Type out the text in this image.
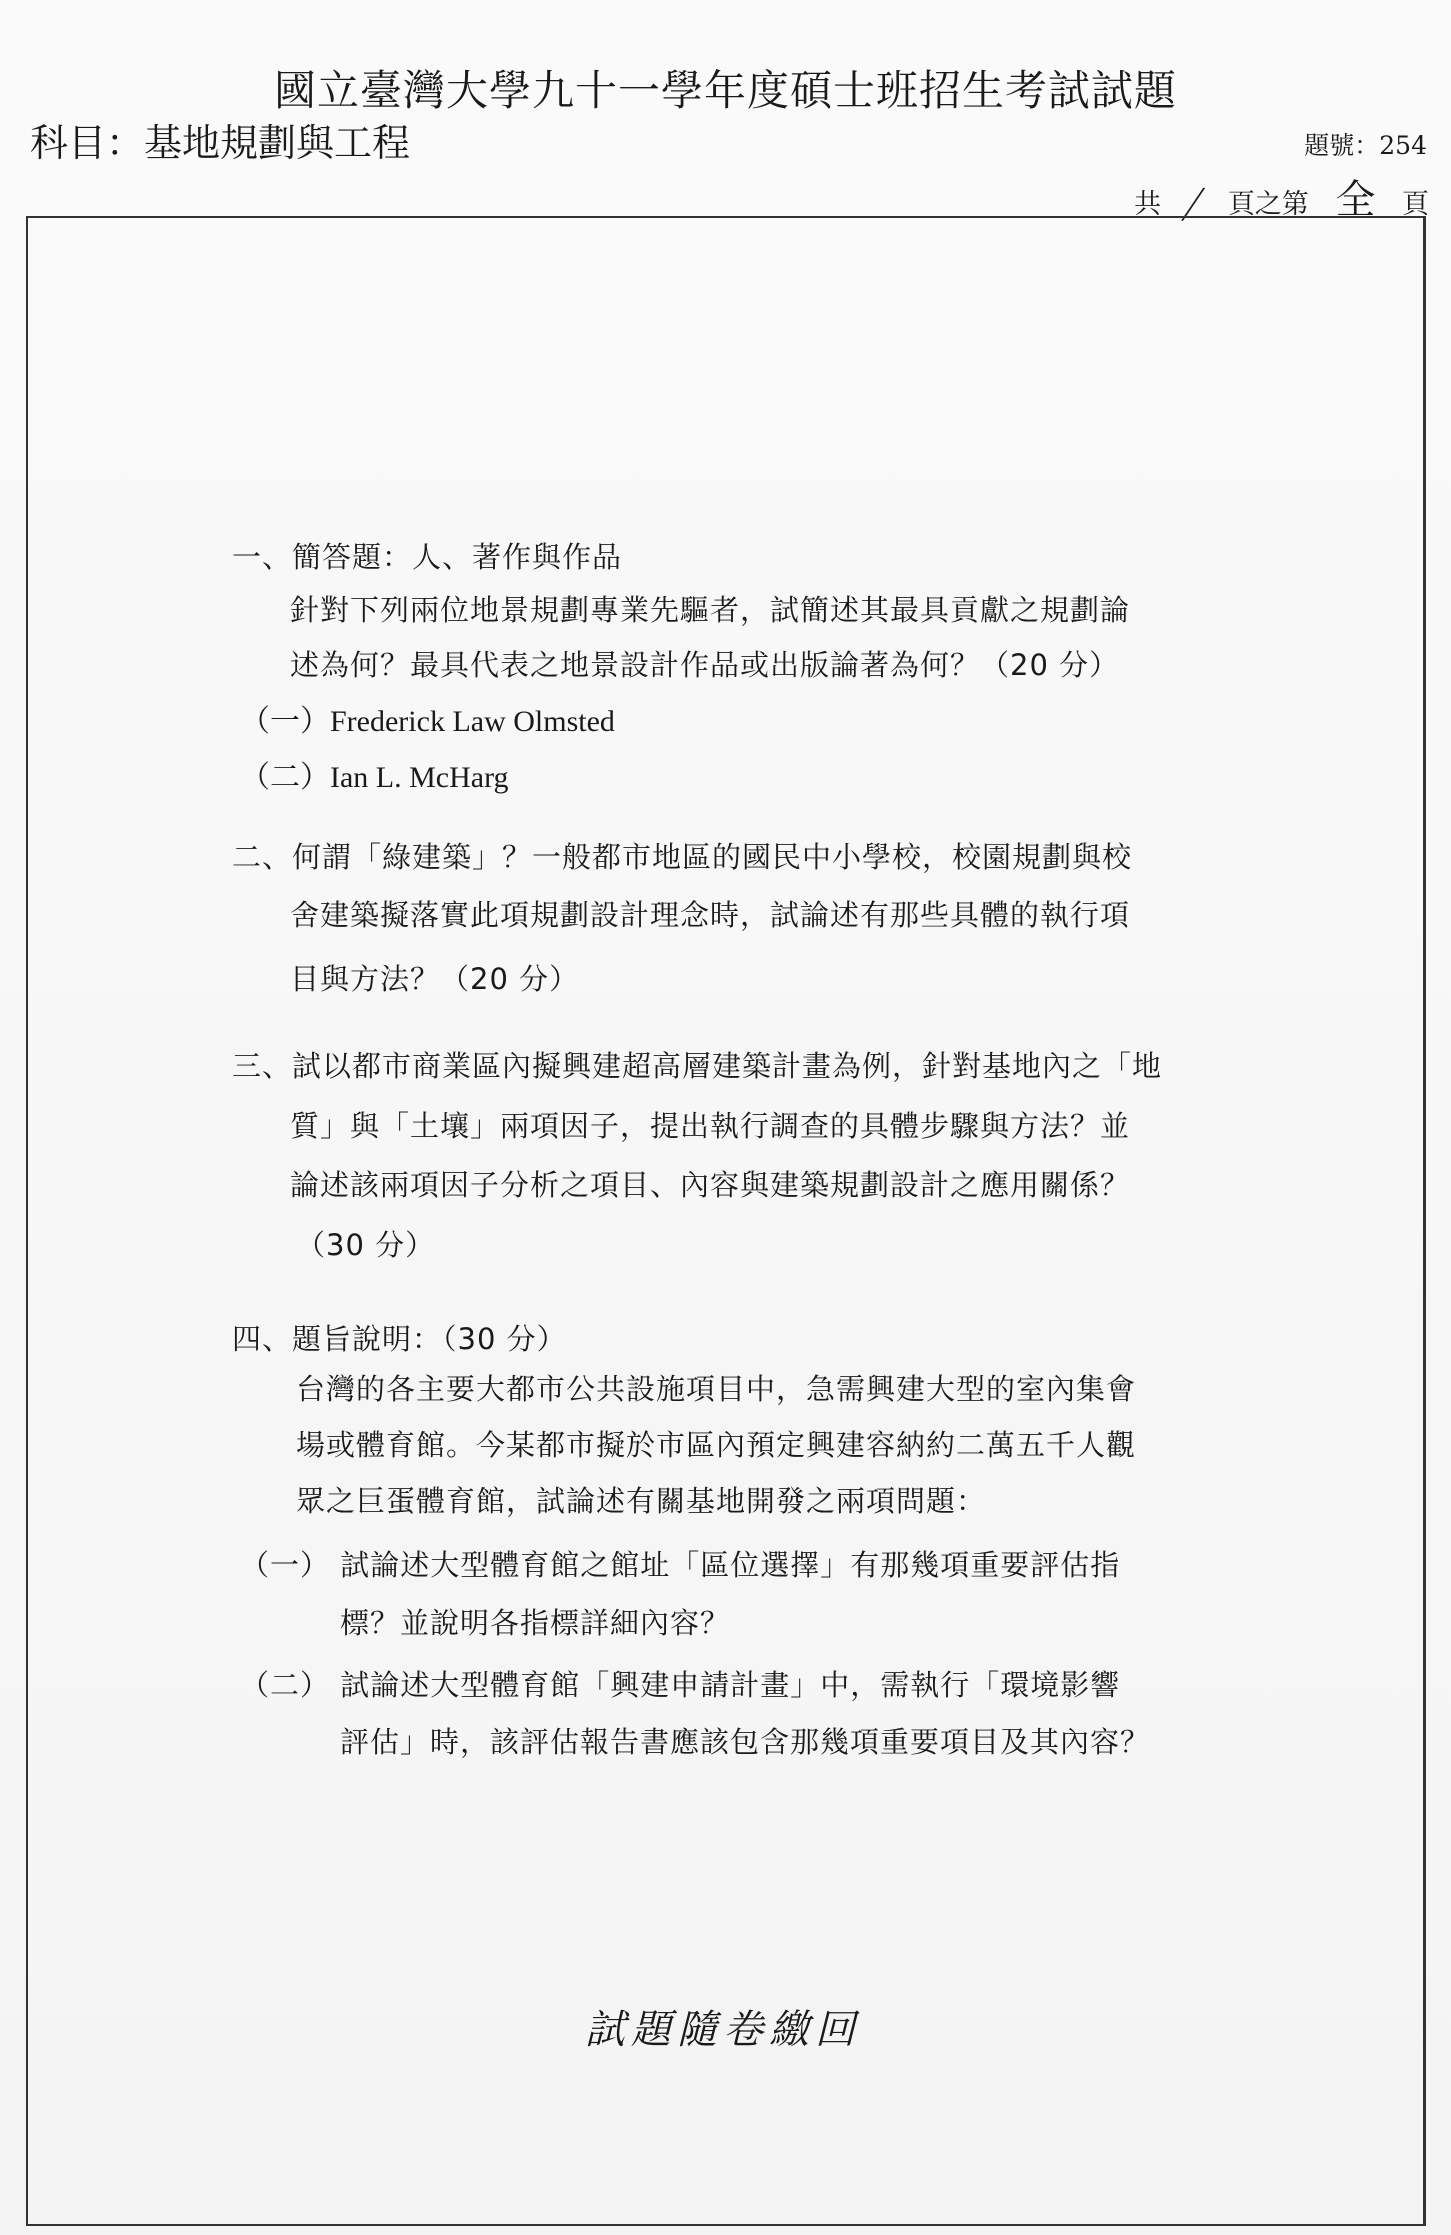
國立臺灣大學九十一學年度碩士班招生考試試題
科目：基地規劃與工程	題號：254
共 / 頁之第 全 頁
一、簡答題：人、著作與作品
針對下列兩位地景規劃專業先驅者，試簡述其最具貢獻之規劃論
述為何？最具代表之地景設計作品或出版論著為何？（20 分）
（一）Frederick Law Olmsted
（二）Ian L. McHarg
二、何謂「綠建築」？一般都市地區的國民中小學校，校園規劃與校
舍建築擬落實此項規劃設計理念時，試論述有那些具體的執行項
目與方法？（20 分）
三、試以都市商業區內擬興建超高層建築計畫為例，針對基地內之「地
質」與「土壤」兩項因子，提出執行調查的具體步驟與方法？並
論述該兩項因子分析之項目、內容與建築規劃設計之應用關係？
（30 分）
四、題旨說明：（30 分）
台灣的各主要大都市公共設施項目中，急需興建大型的室內集會
場或體育館。今某都市擬於市區內預定興建容納約二萬五千人觀
眾之巨蛋體育館，試論述有關基地開發之兩項問題：
（一） 試論述大型體育館之館址「區位選擇」有那幾項重要評估指
標？並說明各指標詳細內容？
（二） 試論述大型體育館「興建申請計畫」中，需執行「環境影響
評估」時，該評估報告書應該包含那幾項重要項目及其內容？
試題隨卷繳回
